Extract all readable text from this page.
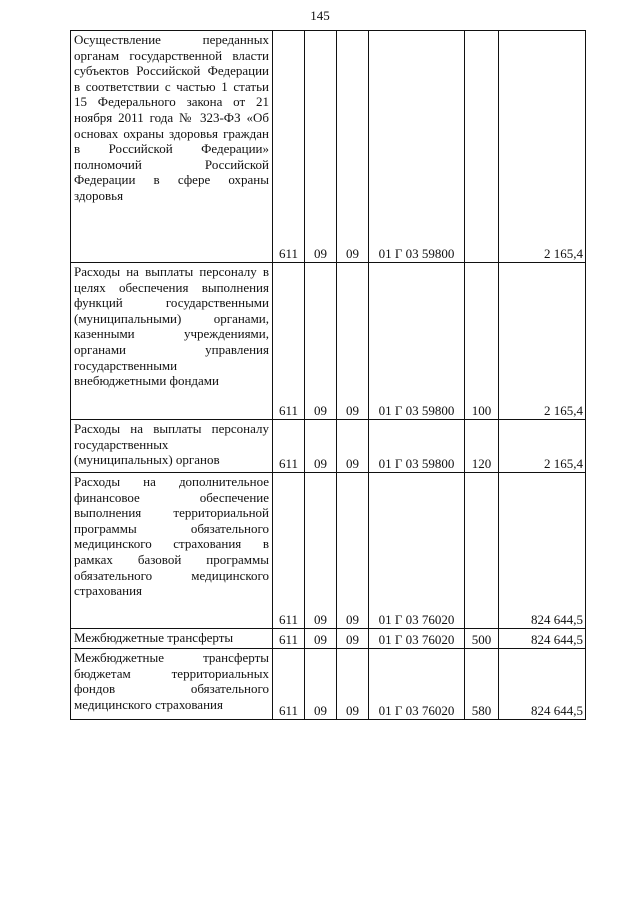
145
Осуществление переданных органам государственной власти субъектов Российской Федерации в соответствии с частью 1 статьи 15 Федерального закона от 21 ноября 2011 года № 323-ФЗ «Об основах охраны здоровья граждан в Российской Федерации» полномочий Российской Федерации в сфере охраны здоровья	611	09	09	01 Г 03 59800		2 165,4
Расходы на выплаты персоналу в целях обеспечения выполнения функций государственными (муниципальными) органами, казенными учреждениями, органами управления государственными внебюджетными фондами	611	09	09	01 Г 03 59800	100	2 165,4
Расходы на выплаты персоналу государственных (муниципальных) органов	611	09	09	01 Г 03 59800	120	2 165,4
Расходы на дополнительное финансовое обеспечение выполнения территориальной программы обязательного медицинского страхования в рамках базовой программы обязательного медицинского страхования	611	09	09	01 Г 03 76020		824 644,5
Межбюджетные трансферты	611	09	09	01 Г 03 76020	500	824 644,5
Межбюджетные трансферты бюджетам территориальных фондов обязательного медицинского страхования	611	09	09	01 Г 03 76020	580	824 644,5
